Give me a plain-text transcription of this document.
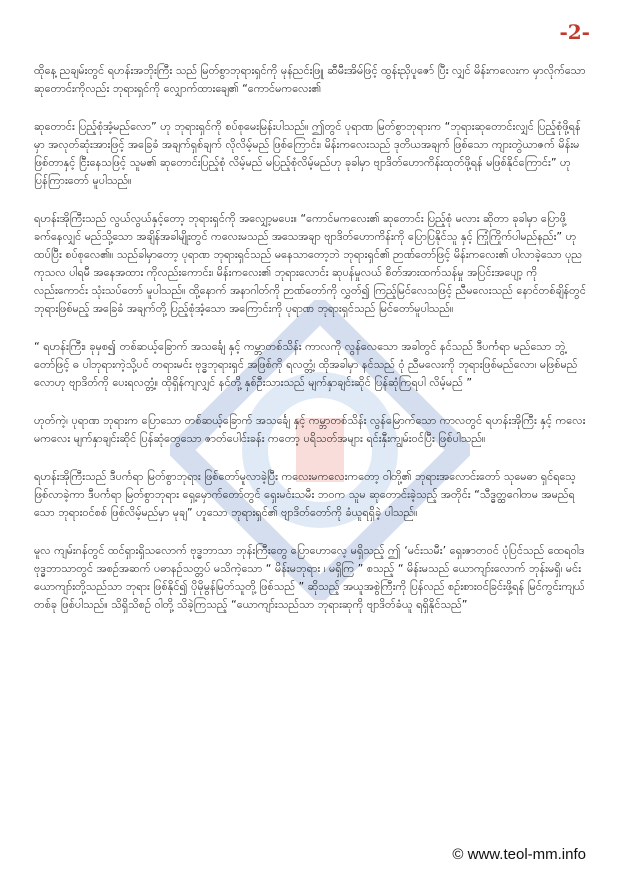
-2-

ထိုနေ့ ညချမ်းတွင် ရဟန်းအဘိုးကြီး သည် မြတ်စွာဘုရားရှင်ကို မုန်ညင်းဖြူ ဆီမီးအိမ်ဖြင့် ထွန်းညှိပူဇော် ပြီး လျှင် မိန်းကလေးက မှာလိုက်သော ဆုတောင်းကိုလည်း ဘုရားရှင်ကို လျှောက်ထားချေ၏ “ကောင်မကလေး၏

ဆုတောင်း ပြည့်စုံအံ့မည်လော” ဟု ဘုရားရှင်ကို စပ်စုမေးမြန်းပါသည်။ ဤတွင် ပုရာဏ မြတ်စွာဘုရားက “ဘုရားဆုတောင်းလျှင် ပြည့်စုံဖို့ရန်မှာ အလုတ်ဆုံးအားဖြင့် အခြေခံ အချက်ရှစ်ချက် လိုလိမ့်မည် ဖြစ်ကြောင်း၊ မိန်းကလေးသည် ဒုတိယအချက် ဖြစ်သော ကျားတွဲယာဇက် မိန်းမဖြစ်တာနှင့် ငြီးနေသဖြင့် သူမ၏ ဆုတောင်းပြည့်စုံ လိမ့်မည် မပြည့်စုံလိမ့်မည်ဟု ခုခါမှာ ဗျာဒိတ်ဟောကိန်းထုတ်ဖို့ရန် မဖြစ်နိုင်ကြောင်း” ဟု ပြန်ကြားတော် မူပါသည်။

ရဟန်းအိုကြီးသည် လွယ်လွယ်နှင့်တော့ ဘုရားရှင်ကို အလျှော့မပေး။ “ကောင်မကလေး၏ ဆုတောင်း ပြည့်စုံ မလား ဆိုတာ ခုခါမှာ ပြောဖို့ ခက်နေလျှင် မည်သို့သော အချိန်အခါမျိုးတွင် ကလေးမသည် အသေအချာ ဗျာဒိတ်ဟောကိန်းကို ပြောပြနိုင်သူ နှင့် ကြုံကြိုက်ပါမည်နည်း” ဟု ထပ်ပြီး စပ်စုလေ၏။ သည်ခါမှာတော့ ပုရာဏ ဘုရားရှင်သည် မနေသာတော့ဘဲ ဘုရားရှင်၏ ဉာဏ်တော်ဖြင့် မိန်းကလေး၏ ပါလာခဲ့သော ပုညကုသလ ပါရမီ အနေအထား ကိုလည်းကောင်း၊ မိန်းကလေး၏ ဘုရားလောင်း ဆုပန်မှုလယ် စိတ်အားထက်သန်မှု အပြင်းအပျော့ ကိုလည်းကောင်း သုံးသပ်တော် မူပါသည်။ ထို့နောက် အနာဂါတ်ကို ဉာဏ်တော်ကို လွှတ်၍ ကြည့်မြင်လေသဖြင့် ညီမလေးသည် နောင်တစ်ချိန်တွင် ဘုရားဖြစ်မည့် အခြေခံ အချက်တို့ ပြည့်စုံအံ့သော အကြောင်းကို ပုရာဏ ဘုရားရှင်သည် မြင်တော်မူပါသည်။

“ ရဟန်းကြီး၊ ခုမှစ၍ တစ်ဆယ့်ခြောက် အသင်္ချေ နှင့် ကမ္ဘာတစ်သိန်း ကာလကို လွန်လေသော အခါတွင် နင်သည် ဒီပင်္ကရာ မည်သော ဘွဲ့တော်ဖြင့် ဓ ပါဘုရားကဲ့သို့ပင် တရားမင်း ဗုဒ္ဓဘုရားရှင် အဖြစ်ကို ရလတ္တံ့၊ ထိုအခါမှာ နင်သည် ဝုံ ညီမလေးကို ဘုရားဖြစ်မည်လော၊ မဖြစ်မည်လောဟု ဗျာဒိတ်ကို ပေးရလတ္တံ့။ ထိုရှိန်ကျလျှင် နင်တို့ နှစ်ဦးသားသည် မျက်နှာချင်းဆိုင် ပြန်ဆုံကြရပါ လိမ့်မည် ”

ဟုတ်ကဲ့၊ ပုရာဏ ဘုရားက ပြောသော တစ်ဆယ့်ခြောက် အသင်္ချေ နှင့် ကမ္ဘာတစ်သိန်း လွန်မြောက်သော ကာလတွင် ရဟန်းအိုကြီး နှင့် ကလေးမကလေး မျက်နှာချင်းဆိုင် ပြန်ဆုံတွေသော ဇာတ်ပေါင်းခန်း ကတော့ ပရိသတ်အများ ရင်းနှီးကျွမ်းဝင်ပြီး ဖြစ်ပါသည်။

ရဟန်းအိုကြီးသည် ဒီပင်္ကရာ မြတ်စွာဘုရား ဖြစ်တော်မူလာခဲ့ပြီး ကလေးမကလေးကတော့ ဝါတို့၏ ဘုရားအလောင်းတော် သုမေဓာ ရှင်ရသေ့ ဖြစ်လာခဲ့ကာ ဒီပင်္ကရာ မြတ်စွာဘုရား ရှေ့မှောက်တော်တွင် ရှေးမင်းသမီး ဘဝက သူမ ဆုတောင်းခဲ့သည့် အတိုင်း “သီဒ္ဓတ္ထဂေါတမ အမည်ရသော ဘုရားဝင်စစ် ဖြစ်လိမ့်မည်မှာ မုချ” ဟူသော ဘုရားရှင်၏ ဗျာဒိတ်တော်ကို ခံယူရရှိခဲ့ ပါသည်။

မူလ ကျမ်းဂန်တွင် ထင်ရှားရှိသလောက် ဗုဒ္ဓဘာသာ ဘုန်းကြီးတွေ ပြောဟောလေ့ မရှိသည့် ဤ ‘မင်းသမီး’ ရှေးဇာတဝင် ပုံပြင်သည် ထေရဝါဒ ဗုဒ္ဓဘာသာတွင် အစဉ်အဆက် ပဓာနဉ်သတ္တပ် မသိကဲ့သော “ မိန်းမဘုရား ၊ မရှိကြ ” စသည့် “ မိန်းမသည် ယောကျာ်းလောက် ဘုန်းမရှိ၊ မင်းယောကျာ်းတို့သည်သာ ဘုရား ဖြစ်နိုင်၍ ပိုမိုမွန်မြတ်သူတို့ ဖြစ်သည် ” ဆိုသည့် အယူအစွဲကြီးကို ပြန်လည် စဉ်းစားဝင်ခြင်းဖို့ရန် မြင်ကွင်းကျယ် တစ်ခု ဖြစ်ပါသည်။ သိရှိသိစဉ် ဝါတို့ သိခဲ့ကြသည့် “ယောကျာ်းသည်သာ ဘုရားဆုကို ဗျာဒိတ်ခံယူ ရရှိနိုင်သည်”

© www.teol-mm.info
